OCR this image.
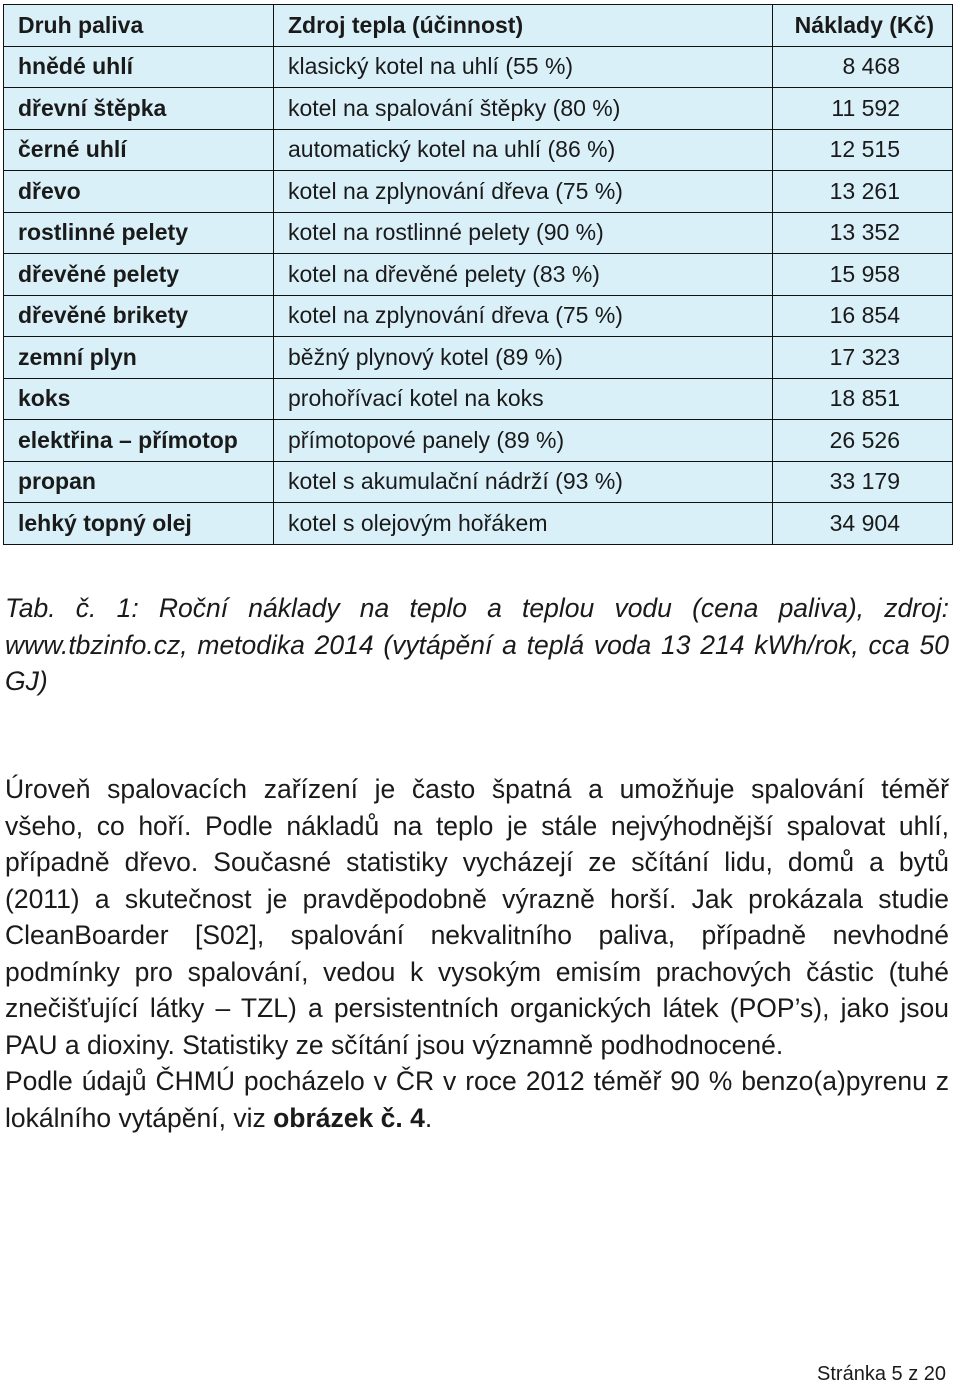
Druh paliva	Zdroj tepla (účinnost)	Náklady (Kč)
hnědé uhlí	klasický kotel na uhlí (55 %)	8 468
dřevní štěpka	kotel na spalování štěpky (80 %)	11 592
černé uhlí	automatický kotel na uhlí (86 %)	12 515
dřevo	kotel na zplynování dřeva (75 %)	13 261
rostlinné pelety	kotel na rostlinné pelety (90 %)	13 352
dřevěné pelety	kotel na dřevěné pelety (83 %)	15 958
dřevěné brikety	kotel na zplynování dřeva (75 %)	16 854
zemní plyn	běžný plynový kotel (89 %)	17 323
koks	prohořívací kotel na koks	18 851
elektřina – přímotop	přímotopové panely (89 %)	26 526
propan	kotel s akumulační nádrží (93 %)	33 179
lehký topný olej	kotel s olejovým hořákem	34 904

Tab. č. 1: Roční náklady na teplo a teplou vodu (cena paliva), zdroj: www.tbzinfo.cz, metodika 2014 (vytápění a teplá voda 13 214 kWh/rok, cca 50 GJ)

Úroveň spalovacích zařízení je často špatná a umožňuje spalování téměř všeho, co hoří. Podle nákladů na teplo je stále nejvýhodnější spalovat uhlí, případně dřevo. Současné statistiky vycházejí ze sčítání lidu, domů a bytů (2011) a skutečnost je pravděpodobně výrazně horší. Jak prokázala studie CleanBoarder [S02], spalování nekvalitního paliva, případně nevhodné podmínky pro spalování, vedou k vysokým emisím prachových částic (tuhé znečišťující látky – TZL) a persistentních organických látek (POP’s), jako jsou PAU a dioxiny. Statistiky ze sčítání jsou významně podhodnocené.

Podle údajů ČHMÚ pocházelo v ČR v roce 2012 téměř 90 % benzo(a)pyrenu z lokálního vytápění, viz obrázek č. 4.

Stránka 5 z 20
